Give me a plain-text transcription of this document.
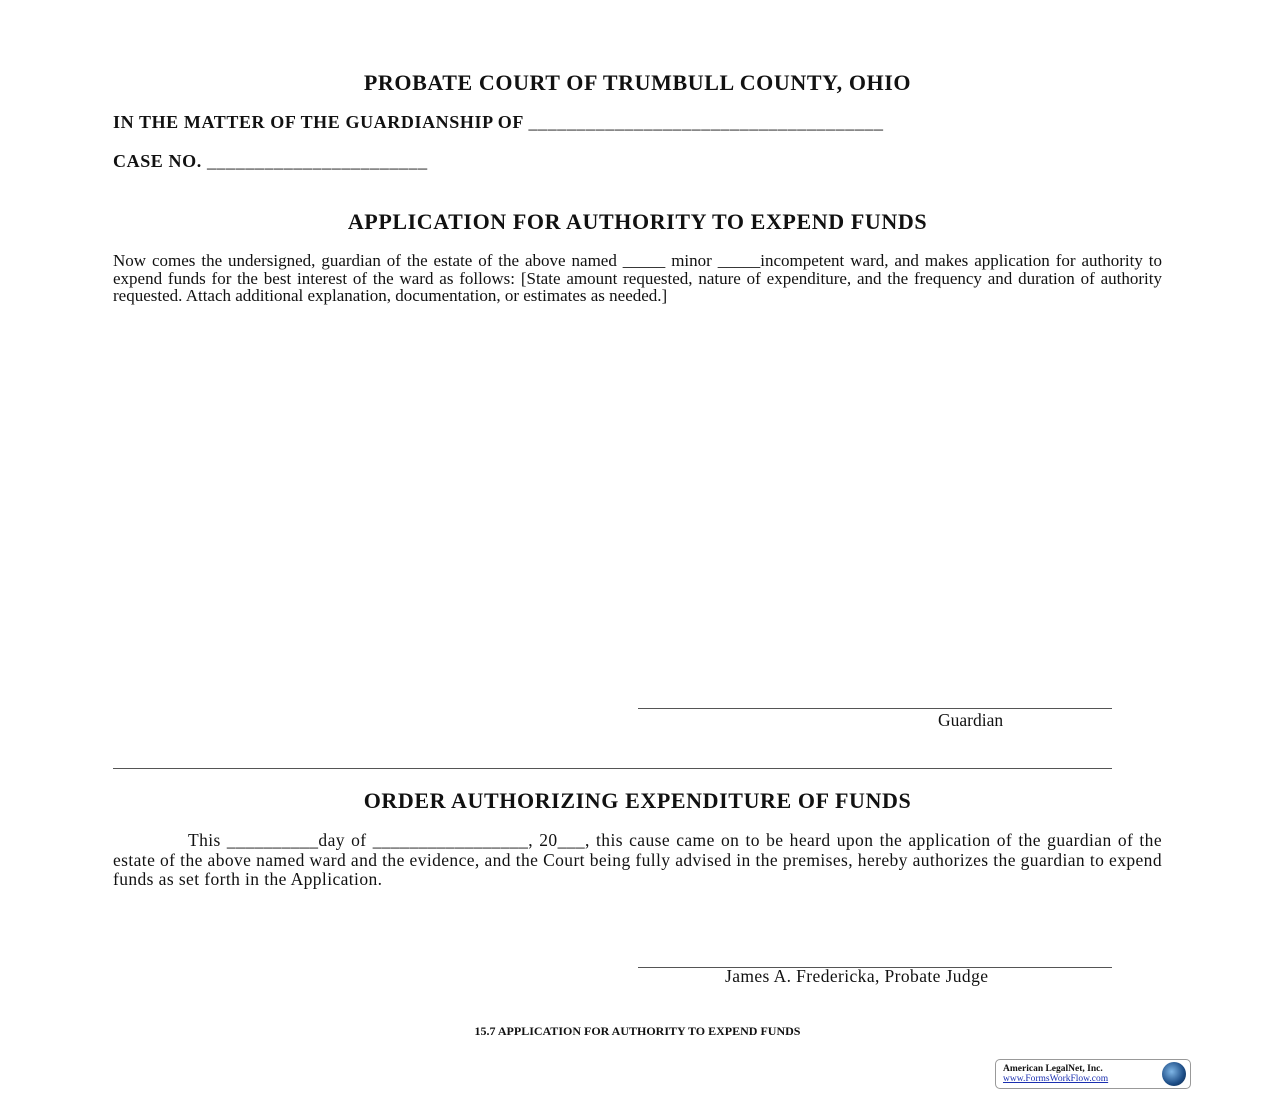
PROBATE COURT OF TRUMBULL COUNTY, OHIO
IN THE MATTER OF THE GUARDIANSHIP OF _____________________________________
CASE NO. _______________________
APPLICATION FOR AUTHORITY TO EXPEND FUNDS
Now comes the undersigned, guardian of the estate of the above named _____ minor _____incompetent ward, and makes application for authority to expend funds for the best interest of the ward as follows: [State amount requested, nature of expenditure, and the frequency and duration of authority requested. Attach additional explanation, documentation, or estimates as needed.]
Guardian
ORDER AUTHORIZING EXPENDITURE OF FUNDS
This __________day of _________________, 20___, this cause came on to be heard upon the application of the guardian of the estate of the above named ward and the evidence, and the Court being fully advised in the premises, hereby authorizes the guardian to expend funds as set forth in the Application.
James A. Fredericka, Probate Judge
15.7 APPLICATION FOR AUTHORITY TO EXPEND FUNDS
American LegalNet, Inc.
www.FormsWorkFlow.com
